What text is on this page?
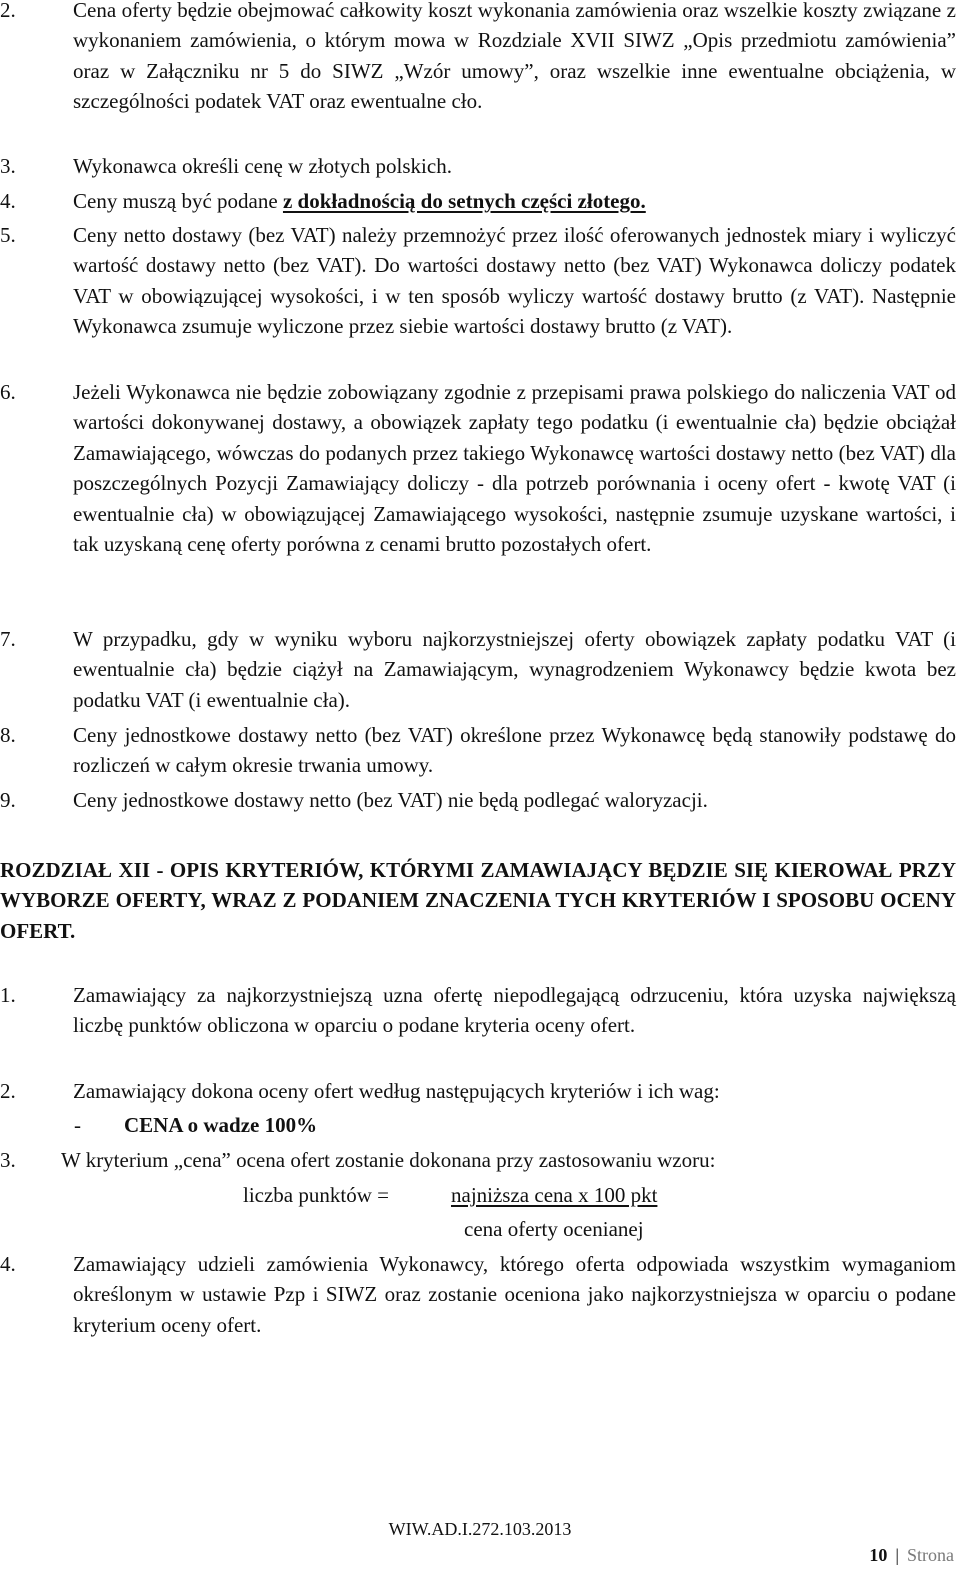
2.	Cena oferty będzie obejmować całkowity koszt wykonania zamówienia oraz wszelkie koszty związane z wykonaniem zamówienia, o którym mowa w Rozdziale XVII SIWZ „Opis przedmiotu zamówienia” oraz w Załączniku nr 5 do SIWZ „Wzór umowy”, oraz wszelkie inne ewentualne obciążenia, w szczególności podatek VAT oraz ewentualne cło.
3.	Wykonawca określi cenę w złotych polskich.
4.	Ceny muszą być podane z dokładnością do setnych części złotego.
5.	Ceny netto dostawy (bez VAT) należy przemnożyć przez ilość oferowanych jednostek miary i wyliczyć wartość dostawy netto (bez VAT). Do wartości dostawy netto (bez VAT) Wykonawca doliczy podatek VAT w obowiązującej wysokości, i w ten sposób wyliczy wartość dostawy brutto (z VAT). Następnie Wykonawca zsumuje wyliczone przez siebie wartości dostawy brutto (z VAT).
6.	Jeżeli Wykonawca nie będzie zobowiązany zgodnie z przepisami prawa polskiego do naliczenia VAT od wartości dokonywanej dostawy, a obowiązek zapłaty tego podatku (i ewentualnie cła) będzie obciążał Zamawiającego, wówczas do podanych przez takiego Wykonawcę wartości dostawy netto (bez VAT) dla poszczególnych Pozycji Zamawiający doliczy - dla potrzeb porównania i oceny ofert - kwotę VAT (i ewentualnie cła) w obowiązującej Zamawiającego wysokości, następnie zsumuje uzyskane wartości, i tak uzyskaną cenę oferty porówna z cenami brutto pozostałych ofert.
7.	W przypadku, gdy w wyniku wyboru najkorzystniejszej oferty obowiązek zapłaty podatku VAT (i ewentualnie cła) będzie ciążył na Zamawiającym, wynagrodzeniem Wykonawcy będzie kwota bez podatku VAT (i ewentualnie cła).
8.	Ceny jednostkowe dostawy netto (bez VAT) określone przez Wykonawcę będą stanowiły podstawę do rozliczeń w całym okresie trwania umowy.
9.	Ceny jednostkowe dostawy netto (bez VAT) nie będą podlegać waloryzacji.
ROZDZIAŁ XII - OPIS KRYTERIÓW, KTÓRYMI ZAMAWIAJĄCY BĘDZIE SIĘ KIEROWAŁ PRZY WYBORZE OFERTY, WRAZ Z PODANIEM ZNACZENIA TYCH KRYTERIÓW I SPOSOBU OCENY OFERT.
1.	Zamawiający za najkorzystniejszą uzna ofertę niepodlegającą odrzuceniu, która uzyska największą liczbę punktów obliczona w oparciu o podane kryteria oceny ofert.
2.	Zamawiający dokona oceny ofert według następujących kryteriów i ich wag:
- CENA o wadze 100%
3.	W kryterium „cena” ocena ofert zostanie dokonana przy zastosowaniu wzoru:
liczba punktów =	najniższa cena x 100 pkt
cena oferty ocenianej
4.	Zamawiający udzieli zamówienia Wykonawcy, którego oferta odpowiada wszystkim wymaganiom określonym w ustawie Pzp i SIWZ oraz zostanie oceniona jako najkorzystniejsza w oparciu o podane kryterium oceny ofert.
WIW.AD.I.272.103.2013
10 | Strona
